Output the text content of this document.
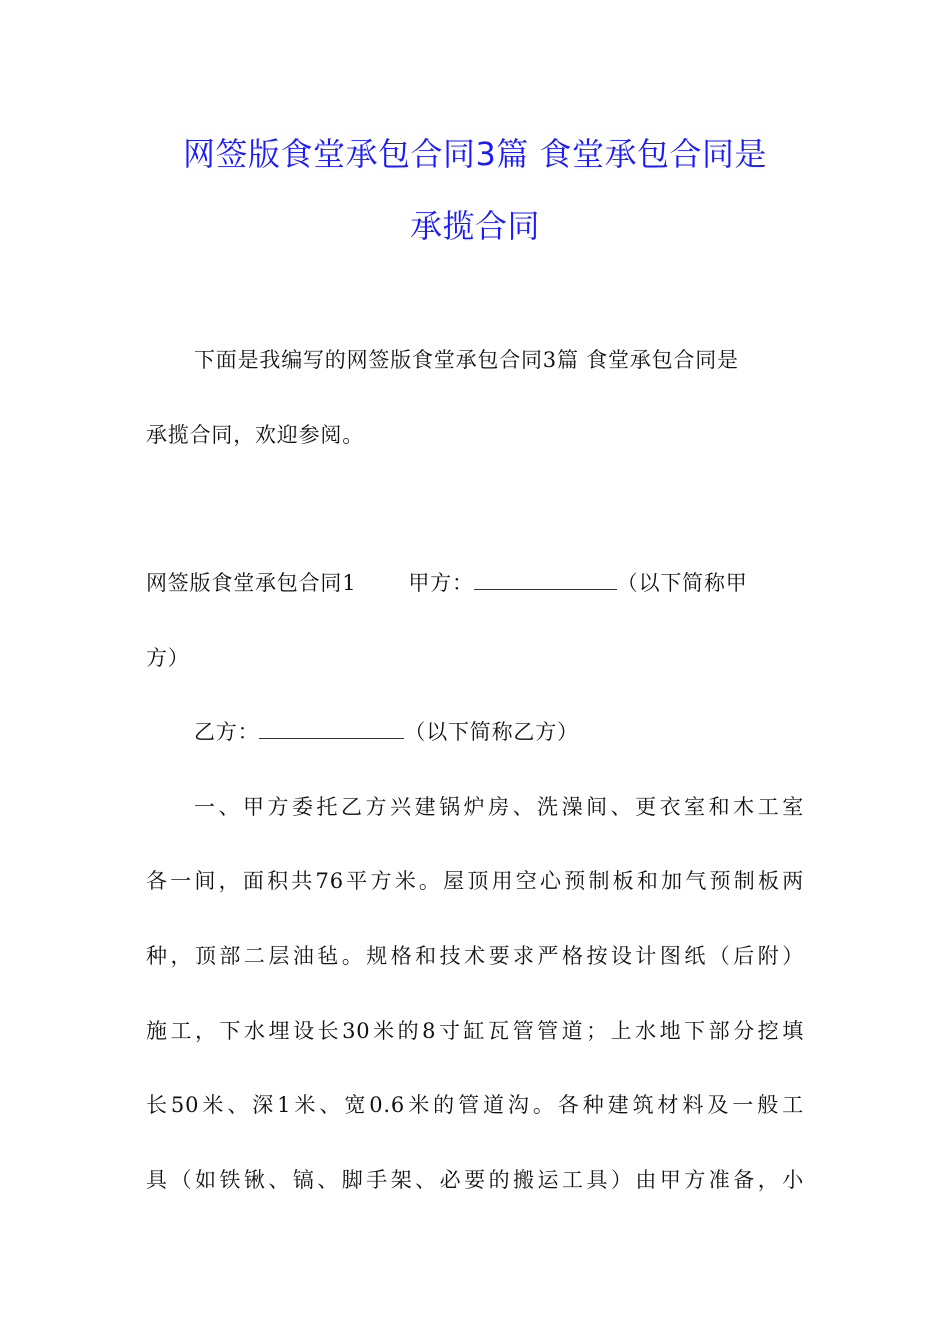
网签版食堂承包合同3篇 食堂承包合同是
承揽合同
下面是我编写的网签版食堂承包合同3篇 食堂承包合同是
承揽合同，欢迎参阅。
网签版食堂承包合同1 甲方：	（以下简称甲
方）
乙方：	（以下简称乙方）
一、甲方委托乙方兴建锅炉房、洗澡间、更衣室和木工室
各一间，面积共76平方米。屋顶用空心预制板和加气预制板两
种，顶部二层油毡。规格和技术要求严格按设计图纸（后附）
施工，下水埋设长30米的8寸缸瓦管管道；上水地下部分挖填
长50米、深1米、宽0.6米的管道沟。各种建筑材料及一般工
具（如铁锹、镐、脚手架、必要的搬运工具）由甲方准备，小
